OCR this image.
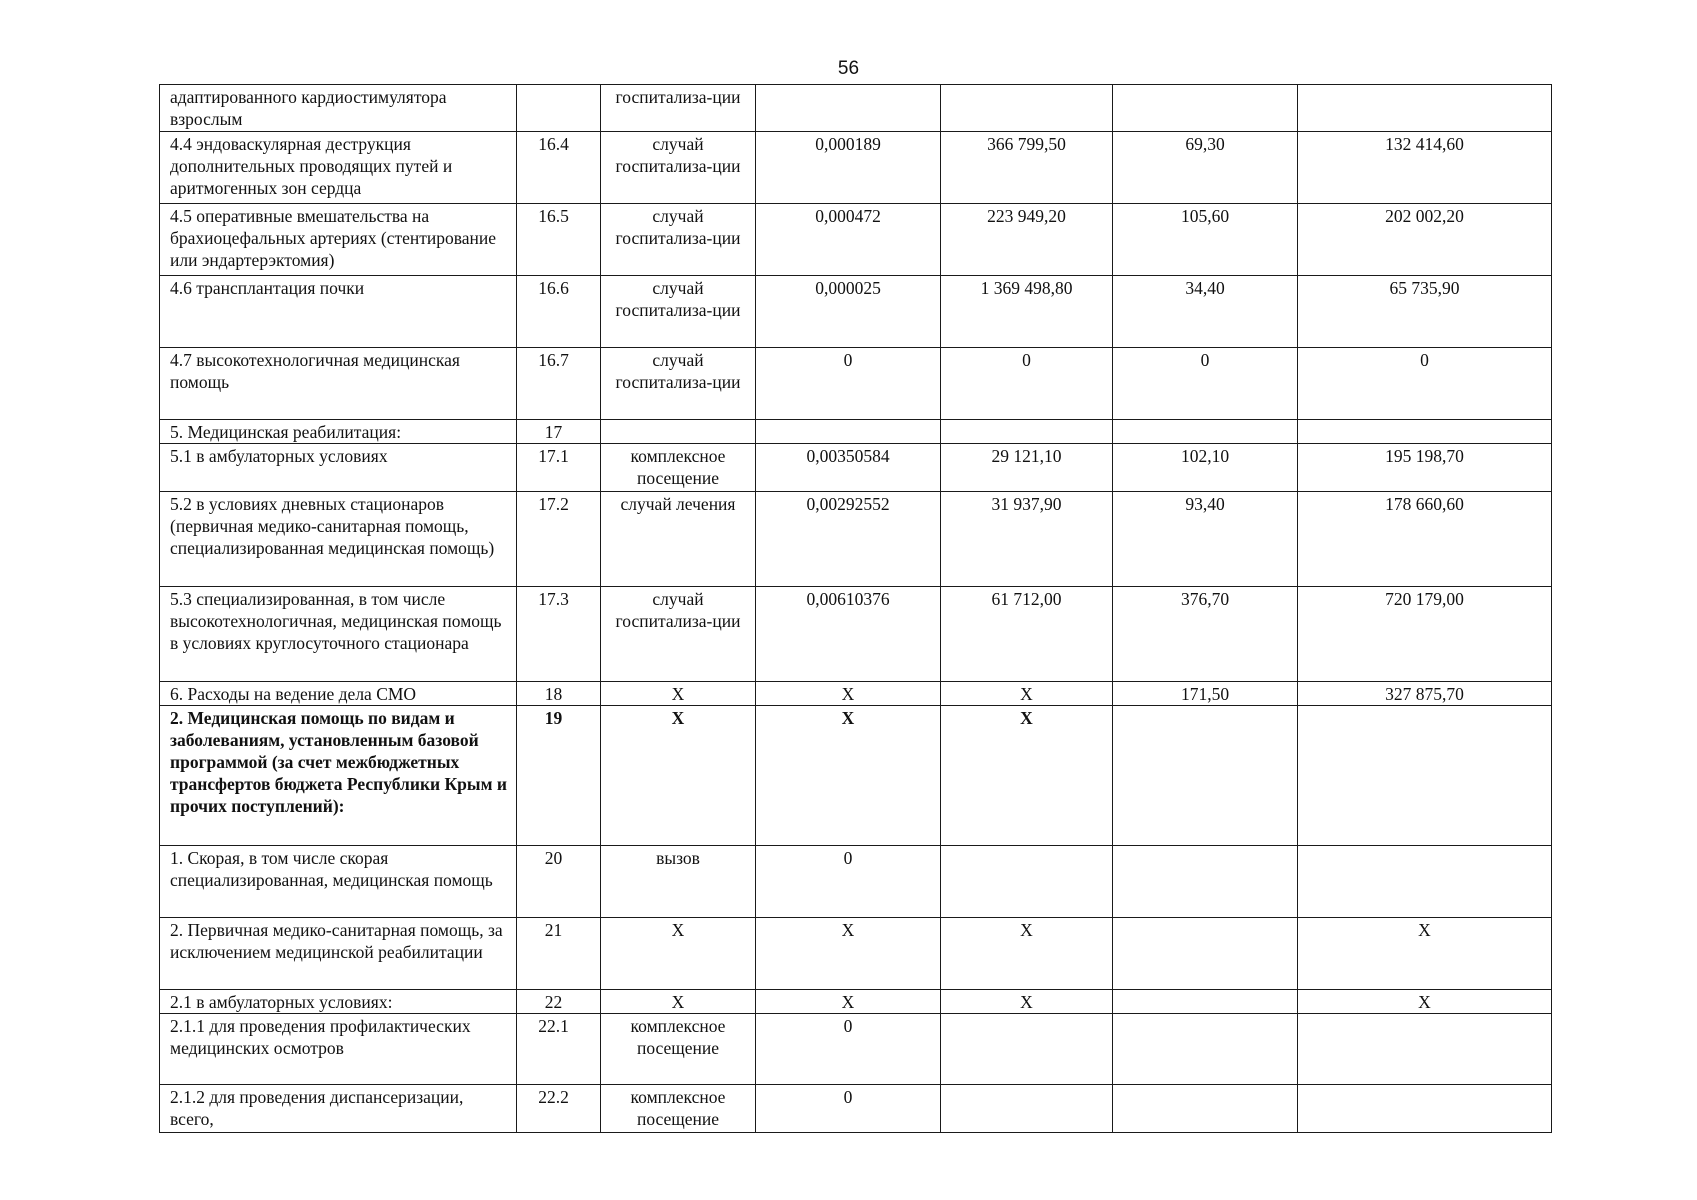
56
адаптированного кардиостимулятора взрослым		госпитализа-ции				
4.4 эндоваскулярная деструкция дополнительных проводящих путей и аритмогенных зон сердца	16.4	случай госпитализа-ции	0,000189	366 799,50	69,30	132 414,60
4.5 оперативные вмешательства на брахиоцефальных артериях (стентирование или эндартерэктомия)	16.5	случай госпитализа-ции	0,000472	223 949,20	105,60	202 002,20
4.6 трансплантация почки	16.6	случай госпитализа-ции	0,000025	1 369 498,80	34,40	65 735,90
4.7 высокотехнологичная медицинская помощь	16.7	случай госпитализа-ции	0	0	0	0
5. Медицинская реабилитация:	17					
5.1 в амбулаторных условиях	17.1	комплексное посещение	0,00350584	29 121,10	102,10	195 198,70
5.2 в условиях дневных стационаров (первичная медико-санитарная помощь, специализированная медицинская помощь)	17.2	случай лечения	0,00292552	31 937,90	93,40	178 660,60
5.3 специализированная, в том числе высокотехнологичная, медицинская помощь в условиях круглосуточного стационара	17.3	случай госпитализа-ции	0,00610376	61 712,00	376,70	720 179,00
6. Расходы на ведение дела СМО	18	X	X	X	171,50	327 875,70
2. Медицинская помощь по видам и заболеваниям, установленным базовой программой (за счет межбюджетных трансфертов бюджета Республики Крым и прочих поступлений):	19	X	X	X		
1. Скорая, в том числе скорая специализированная, медицинская помощь	20	вызов	0			
2. Первичная медико-санитарная помощь, за исключением медицинской реабилитации	21	X	X	X		X
2.1 в амбулаторных условиях:	22	X	X	X		X
2.1.1 для проведения профилактических медицинских осмотров	22.1	комплексное посещение	0			
2.1.2 для проведения диспансеризации, всего,	22.2	комплексное посещение	0			
